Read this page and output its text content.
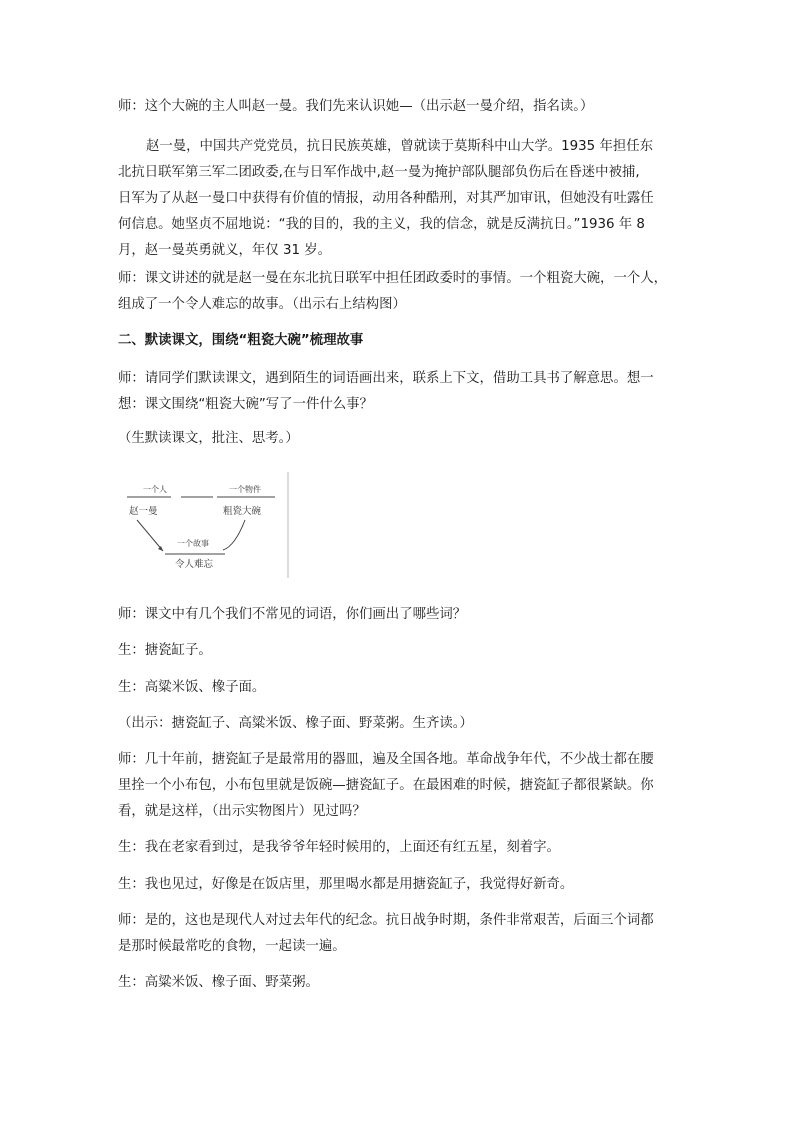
师：这个大碗的主人叫赵一曼。我们先来认识她—（出示赵一曼介绍，指名读。）

赵一曼，中国共产党党员，抗日民族英雄，曾就读于莫斯科中山大学。1935 年担任东
北抗日联军第三军二团政委,在与日军作战中,赵一曼为掩护部队腿部负伤后在昏迷中被捕,
日军为了从赵一曼口中获得有价值的情报，动用各种酷刑，对其严加审讯，但她没有吐露任
何信息。她坚贞不屈地说：“我的目的，我的主义，我的信念，就是反满抗日。”1936 年 8
月，赵一曼英勇就义，年仅 31 岁。

师：课文讲述的就是赵一曼在东北抗日联军中担任团政委时的事情。一个粗瓷大碗，一个人，
组成了一个令人难忘的故事。（出示右上结构图）

二、默读课文，围绕“粗瓷大碗”梳理故事

师：请同学们默读课文，遇到陌生的词语画出来，联系上下文，借助工具书了解意思。想一
想：课文围绕“粗瓷大碗”写了一件什么事？

（生默读课文，批注、思考。）

一个人	一个物件
赵一曼	粗瓷大碗
一个故事
令人难忘

师：课文中有几个我们不常见的词语，你们画出了哪些词？

生：搪瓷缸子。

生：高粱米饭、橡子面。

（出示：搪瓷缸子、高粱米饭、橡子面、野菜粥。生齐读。）

师：几十年前，搪瓷缸子是最常用的器皿，遍及全国各地。革命战争年代，不少战士都在腰
里拴一个小布包，小布包里就是饭碗—搪瓷缸子。在最困难的时候，搪瓷缸子都很紧缺。你
看，就是这样，（出示实物图片）见过吗？

生：我在老家看到过，是我爷爷年轻时候用的，上面还有红五星，刻着字。

生：我也见过，好像是在饭店里，那里喝水都是用搪瓷缸子，我觉得好新奇。

师：是的，这也是现代人对过去年代的纪念。抗日战争时期，条件非常艰苦，后面三个词都
是那时候最常吃的食物，一起读一遍。

生：高粱米饭、橡子面、野菜粥。
